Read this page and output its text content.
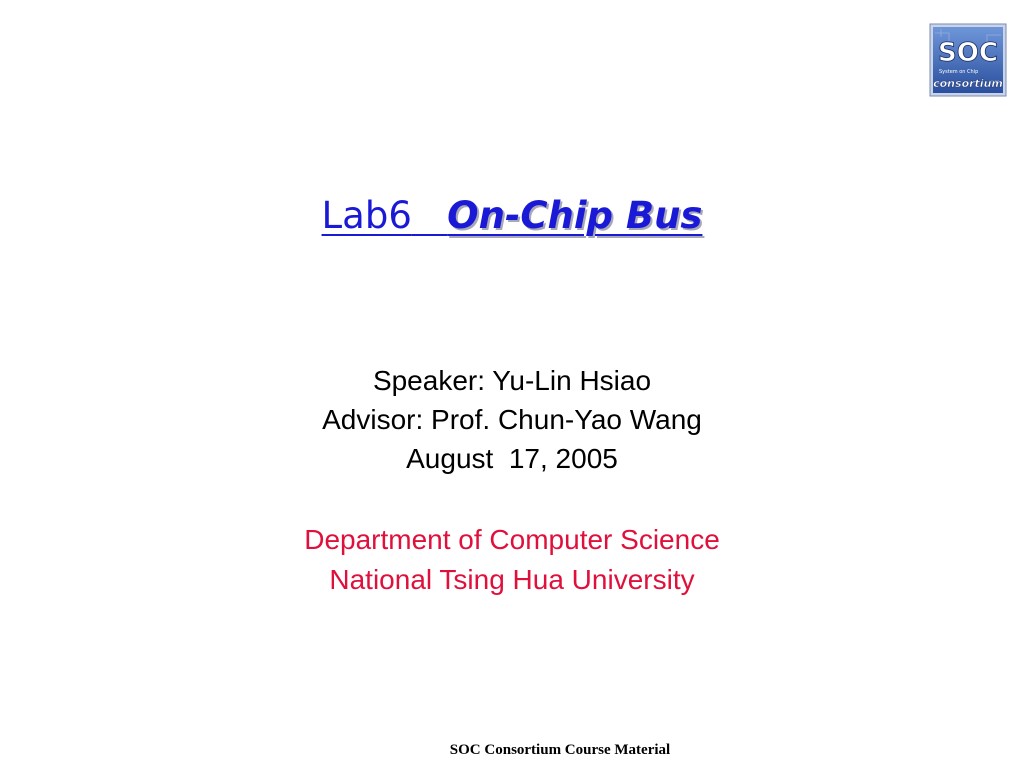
SOC
System on Chip
consortium
Lab6 On-Chip Bus
Speaker: Yu-Lin Hsiao
Advisor: Prof. Chun-Yao Wang
August  17, 2005
Department of Computer Science
National Tsing Hua University
SOC Consortium Course Material
